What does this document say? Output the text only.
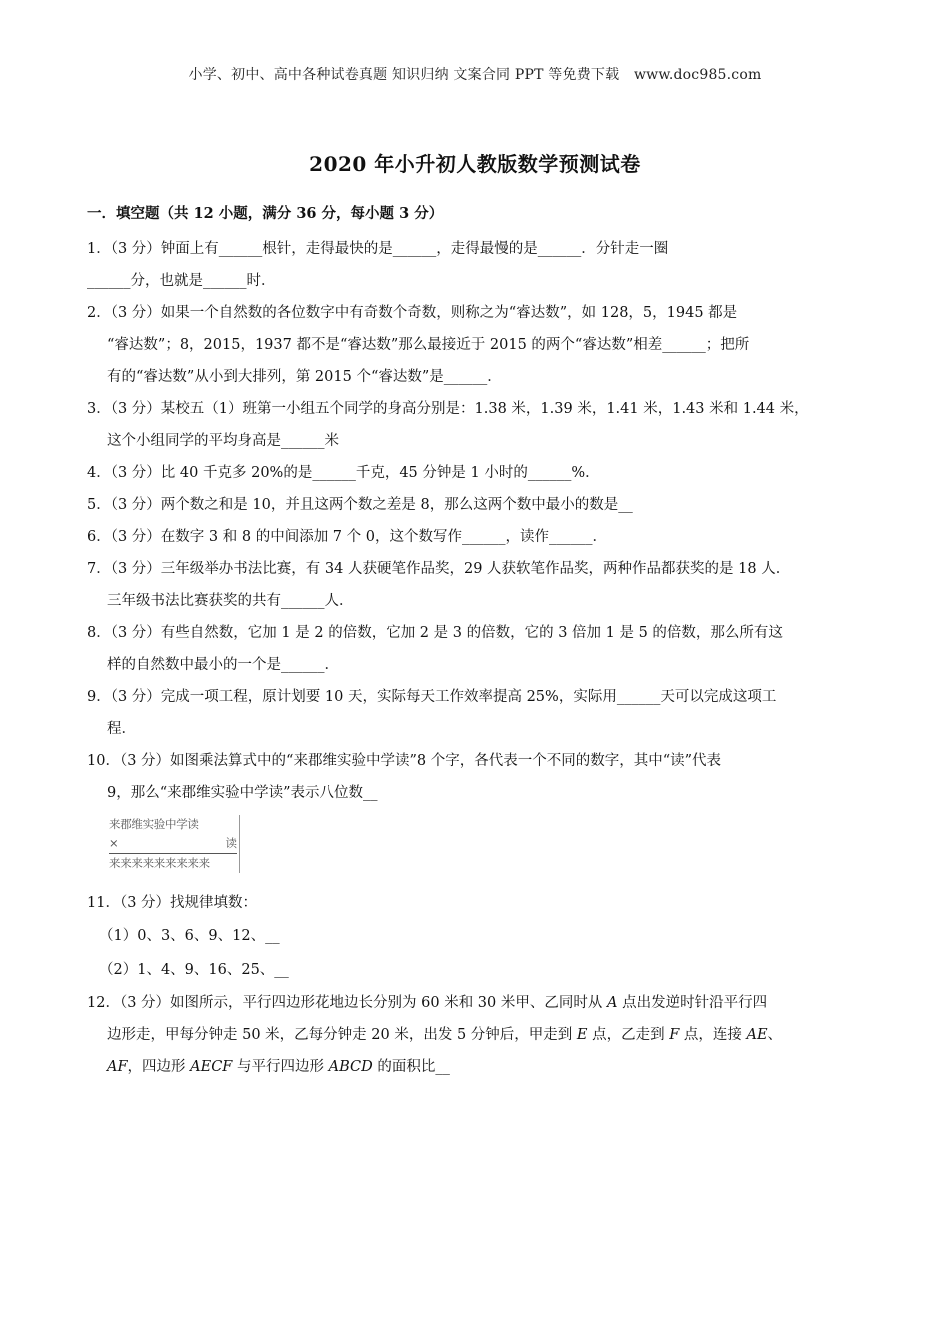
小学、初中、高中各种试卷真题 知识归纳 文案合同 PPT 等免费下载 www.doc985.com
2020 年小升初人教版数学预测试卷
一．填空题（共 12 小题，满分 36 分，每小题 3 分）

1．（3 分）钟面上有______根针，走得最快的是______，走得最慢的是______．分针走一圈

______分，也就是______时．

2．（3 分）如果一个自然数的各位数字中有奇数个奇数，则称之为“睿达数”，如 128，5，1945 都是

“睿达数”；8，2015，1937 都不是“睿达数”那么最接近于 2015 的两个“睿达数”相差______；把所

有的“睿达数”从小到大排列，第 2015 个“睿达数”是______．

3．（3 分）某校五（1）班第一小组五个同学的身高分别是：1.38 米，1.39 米，1.41 米，1.43 米和 1.44 米，

这个小组同学的平均身高是______米

4．（3 分）比 40 千克多 20%的是______千克，45 分钟是 1 小时的______%．

5．（3 分）两个数之和是 10，并且这两个数之差是 8，那么这两个数中最小的数是__

6．（3 分）在数字 3 和 8 的中间添加 7 个 0，这个数写作______，读作______．

7．（3 分）三年级举办书法比赛，有 34 人获硬笔作品奖，29 人获软笔作品奖，两种作品都获奖的是 18 人．

三年级书法比赛获奖的共有______人．

8．（3 分）有些自然数，它加 1 是 2 的倍数，它加 2 是 3 的倍数，它的 3 倍加 1 是 5 的倍数，那么所有这

样的自然数中最小的一个是______．

9．（3 分）完成一项工程，原计划要 10 天，实际每天工作效率提高 25%，实际用______天可以完成这项工

程．

10．（3 分）如图乘法算式中的“来郡维实验中学读”8 个字，各代表一个不同的数字，其中“读”代表

9，那么“来郡维实验中学读”表示八位数__

来郡维实验中学读
×	读
来来来来来来来来来

11．（3 分）找规律填数：

（1）0、3、6、9、12、__

（2）1、4、9、16、25、__

12．（3 分）如图所示，平行四边形花地边长分别为 60 米和 30 米甲、乙同时从 A 点出发逆时针沿平行四

边形走，甲每分钟走 50 米，乙每分钟走 20 米，出发 5 分钟后，甲走到 E 点，乙走到 F 点，连接 AE、

AF，四边形 AECF 与平行四边形 ABCD 的面积比__
